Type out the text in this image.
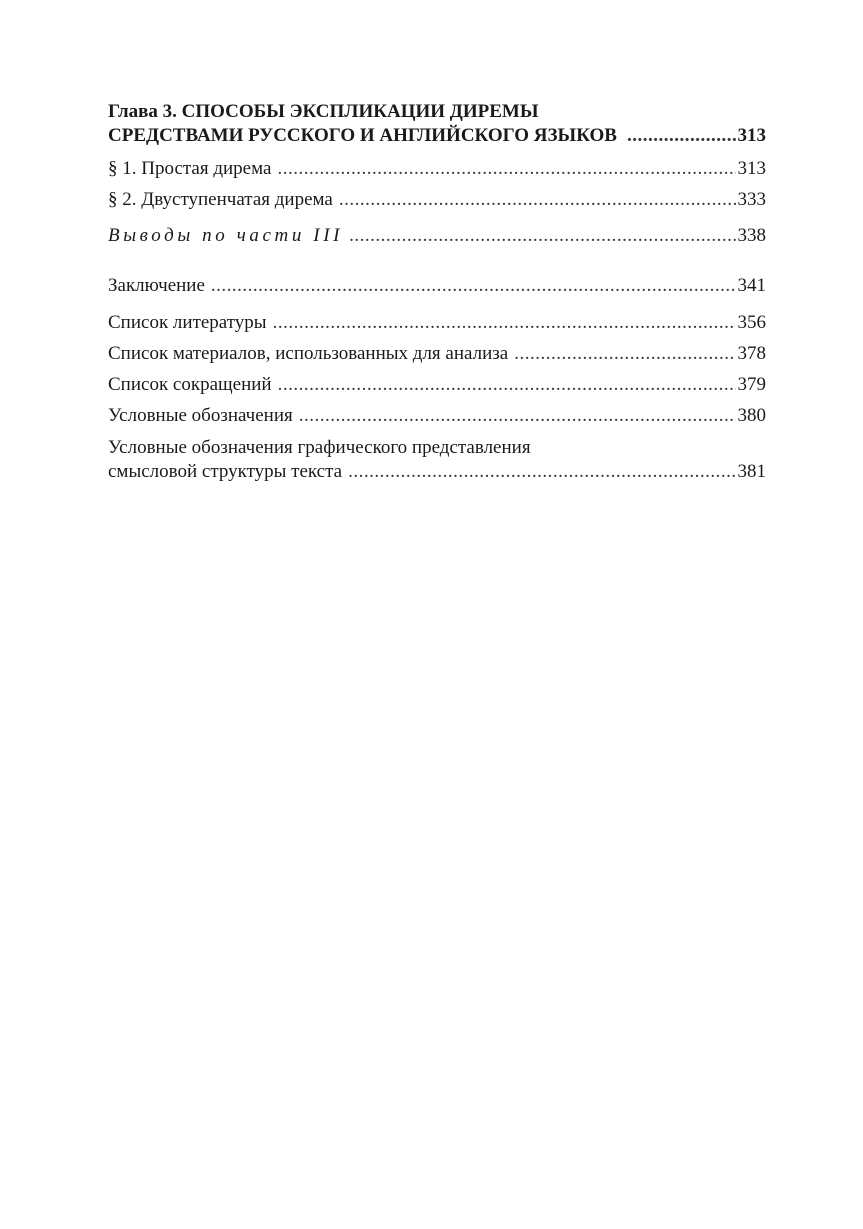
Глава 3. СПОСОБЫ ЭКСПЛИКАЦИИ ДИРЕМЫ
СРЕДСТВАМИ РУССКОГО И АНГЛИЙСКОГО ЯЗЫКОВ .....	313
§ 1. Простая дирема .....	313
§ 2. Двуступенчатая дирема .....	333
Выводы по части III .....	338
Заключение .....	341
Список литературы .....	356
Список материалов, использованных для анализа .....	378
Список сокращений .....	379
Условные обозначения .....	380
Условные обозначения графического представления
смысловой структуры текста .....	381
